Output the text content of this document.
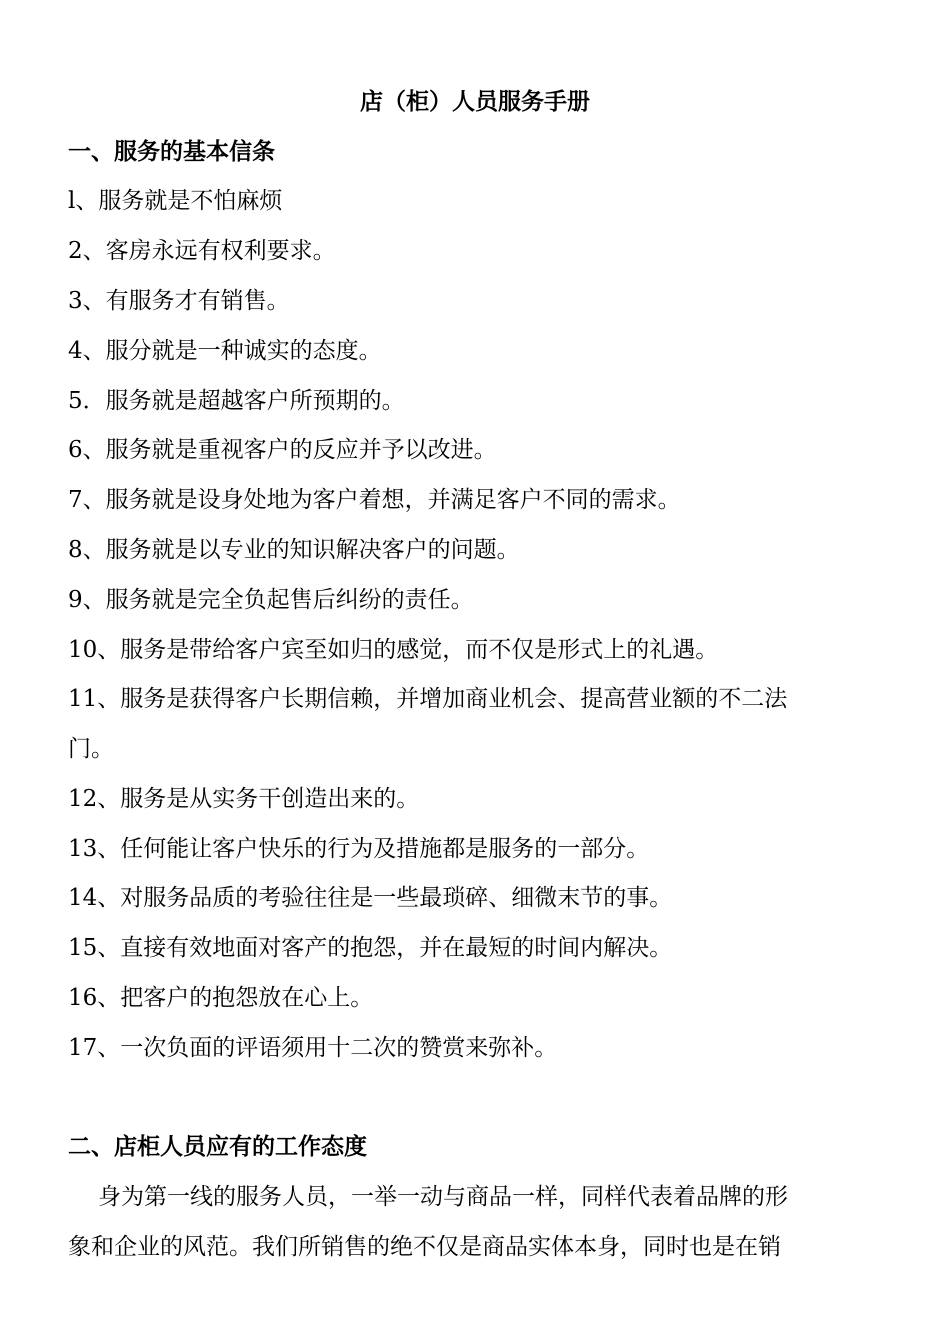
店（柜）人员服务手册
一、服务的基本信条

l、服务就是不怕麻烦

2、客房永远有权利要求。

3、有服务才有销售。

4、服分就是一种诚实的态度。

5．服务就是超越客户所预期的。

6、服务就是重视客户的反应并予以改进。

7、服务就是设身处地为客户着想，并满足客户不同的需求。

8、服务就是以专业的知识解决客户的问题。

9、服务就是完全负起售后纠纷的责任。

10、服务是带给客户宾至如归的感觉，而不仅是形式上的礼遇。

11、服务是获得客户长期信赖，并增加商业机会、提高营业额的不二法

门。

12、服务是从实务干创造出来的。

13、任何能让客户快乐的行为及措施都是服务的一部分。

14、对服务品质的考验往往是一些最琐碎、细微末节的事。

15、直接有效地面对客产的抱怨，并在最短的时间内解决。

16、把客户的抱怨放在心上。

17、一次负面的评语须用十二次的赞赏来弥补。

二、店柜人员应有的工作态度

身为第一线的服务人员，一举一动与商品一样，同样代表着品牌的形

象和企业的风范。我们所销售的绝不仅是商品实体本身，同时也是在销
